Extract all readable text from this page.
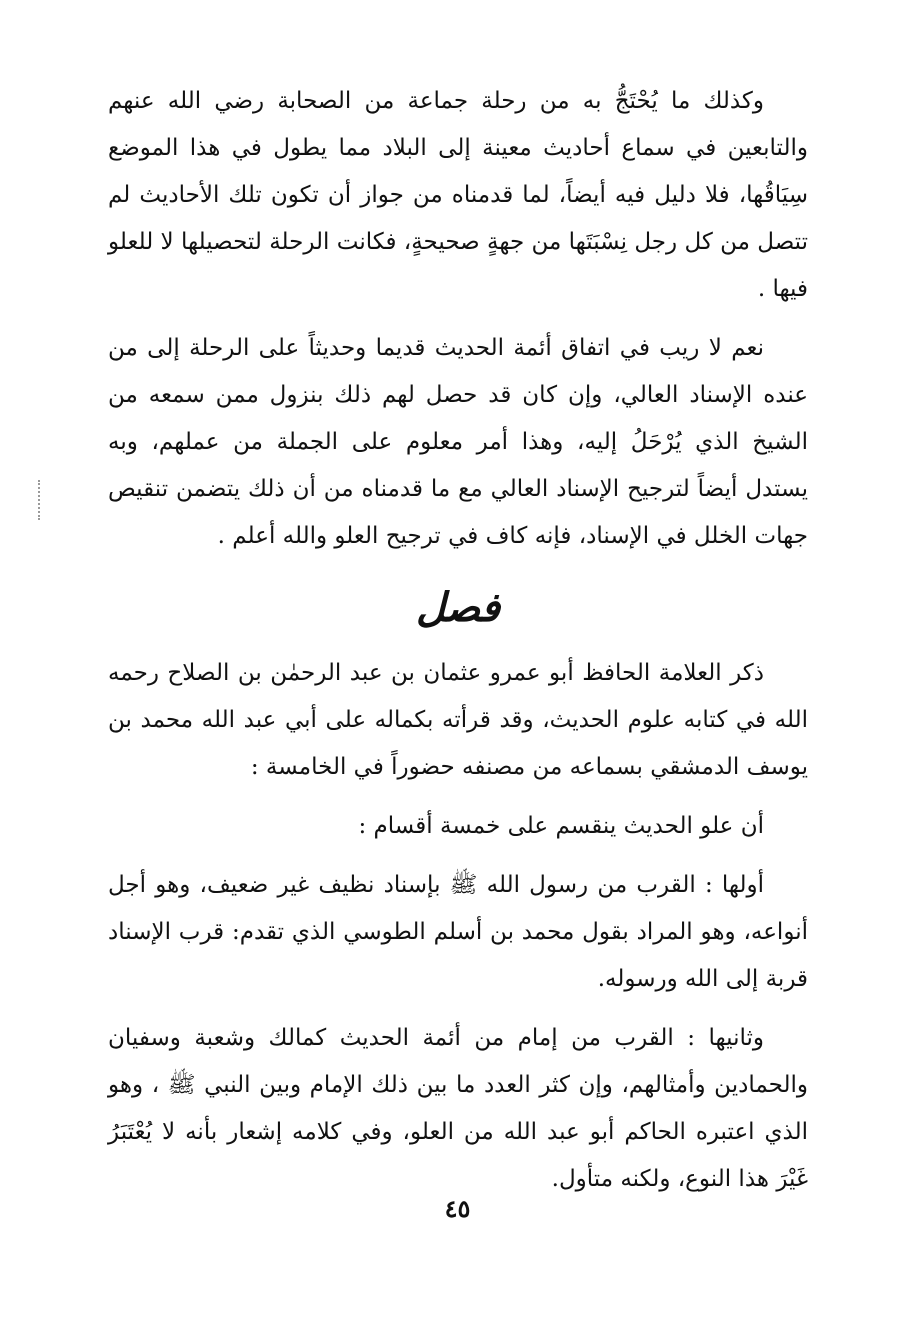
وكذلك ما يُحْتَجُّ به من رحلة جماعة من الصحابة رضي الله عنهم والتابعين في سماع أحاديث معينة إلى البلاد مما يطول في هذا الموضع سِيَاقُها، فلا دليل فيه أيضاً، لما قدمناه من جواز أن تكون تلك الأحاديث لم تتصل من كل رجل نِسْبَتَها من جهةٍ صحيحةٍ، فكانت الرحلة لتحصيلها لا للعلو فيها .

نعم لا ريب في اتفاق أئمة الحديث قديما وحديثاً على الرحلة إلى من عنده الإسناد العالي، وإن كان قد حصل لهم ذلك بنزول ممن سمعه من الشيخ الذي يُرْحَلُ إليه، وهذا أمر معلوم على الجملة من عملهم، وبه يستدل أيضاً لترجيح الإسناد العالي مع ما قدمناه من أن ذلك يتضمن تنقيص جهات الخلل في الإسناد، فإنه كاف في ترجيح العلو والله أعلم .

فصل

ذكر العلامة الحافظ أبو عمرو عثمان بن عبد الرحمٰن بن الصلاح رحمه الله في كتابه علوم الحديث، وقد قرأته بكماله على أبي عبد الله محمد بن يوسف الدمشقي بسماعه من مصنفه حضوراً في الخامسة :

أن علو الحديث ينقسم على خمسة أقسام :

أولها : القرب من رسول الله ﷺ بإسناد نظيف غير ضعيف، وهو أجل أنواعه، وهو المراد بقول محمد بن أسلم الطوسي الذي تقدم: قرب الإسناد قربة إلى الله ورسوله.

وثانيها : القرب من إمام من أئمة الحديث كمالك وشعبة وسفيان والحمادين وأمثالهم، وإن كثر العدد ما بين ذلك الإمام وبين النبي ﷺ ، وهو الذي اعتبره الحاكم أبو عبد الله من العلو، وفي كلامه إشعار بأنه لا يُعْتَبَرُ غَيْرَ هذا النوع، ولكنه متأول.

٤٥
